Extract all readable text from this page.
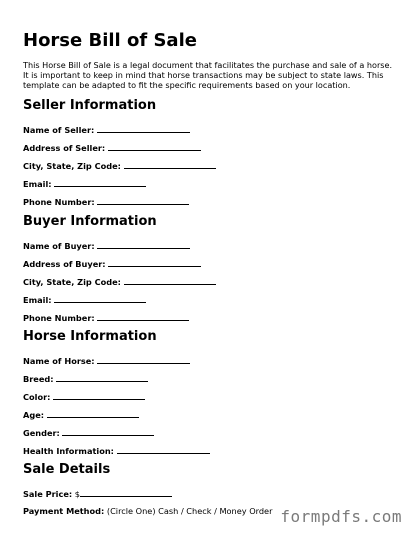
Horse Bill of Sale
This Horse Bill of Sale is a legal document that facilitates the purchase and sale of a horse. It is important to keep in mind that horse transactions may be subject to state laws. This template can be adapted to fit the specific requirements based on your location.
Seller Information
Name of Seller:
Address of Seller:
City, State, Zip Code:
Email:
Phone Number:
Buyer Information
Name of Buyer:
Address of Buyer:
City, State, Zip Code:
Email:
Phone Number:
Horse Information
Name of Horse:
Breed:
Color:
Age:
Gender:
Health Information:
Sale Details
Sale Price: $
Payment Method: (Circle One) Cash / Check / Money Order formpdfs.com
